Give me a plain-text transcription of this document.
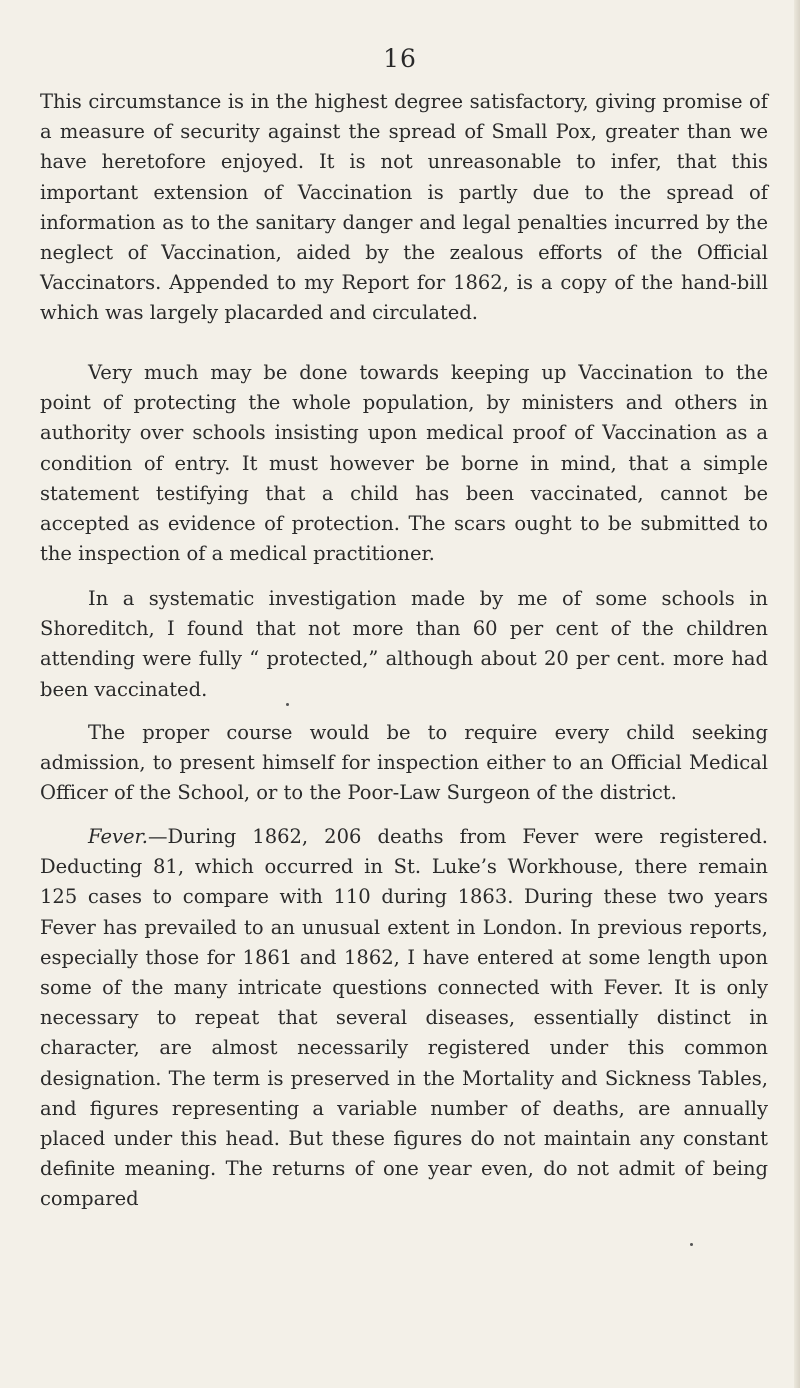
16

This circumstance is in the highest degree satisfactory, giving promise of a measure of security against the spread of Small Pox, greater than we have heretofore enjoyed. It is not unreasonable to infer, that this important extension of Vaccination is partly due to the spread of information as to the sanitary danger and legal penalties incurred by the neglect of Vaccination, aided by the zealous efforts of the Official Vaccinators. Appended to my Report for 1862, is a copy of the hand-bill which was largely placarded and circulated.

Very much may be done towards keeping up Vaccination to the point of protecting the whole population, by ministers and others in authority over schools insisting upon medical proof of Vaccination as a condition of entry. It must however be borne in mind, that a simple statement testifying that a child has been vaccinated, cannot be accepted as evidence of protection. The scars ought to be submitted to the inspection of a medical practitioner.

In a systematic investigation made by me of some schools in Shoreditch, I found that not more than 60 per cent of the children attending were fully “ protected,” although about 20 per cent. more had been vaccinated.

The proper course would be to require every child seeking admission, to present himself for inspection either to an Official Medical Officer of the School, or to the Poor-Law Surgeon of the district.

Fever.—During 1862, 206 deaths from Fever were registered. Deducting 81, which occurred in St. Luke’s Workhouse, there remain 125 cases to compare with 110 during 1863. During these two years Fever has prevailed to an unusual extent in London. In previous reports, especially those for 1861 and 1862, I have entered at some length upon some of the many intricate questions connected with Fever. It is only necessary to repeat that several diseases, essentially distinct in character, are almost necessarily registered under this common designation. The term is preserved in the Mortality and Sickness Tables, and figures representing a variable number of deaths, are annually placed under this head. But these figures do not maintain any constant definite meaning. The returns of one year even, do not admit of being compared
